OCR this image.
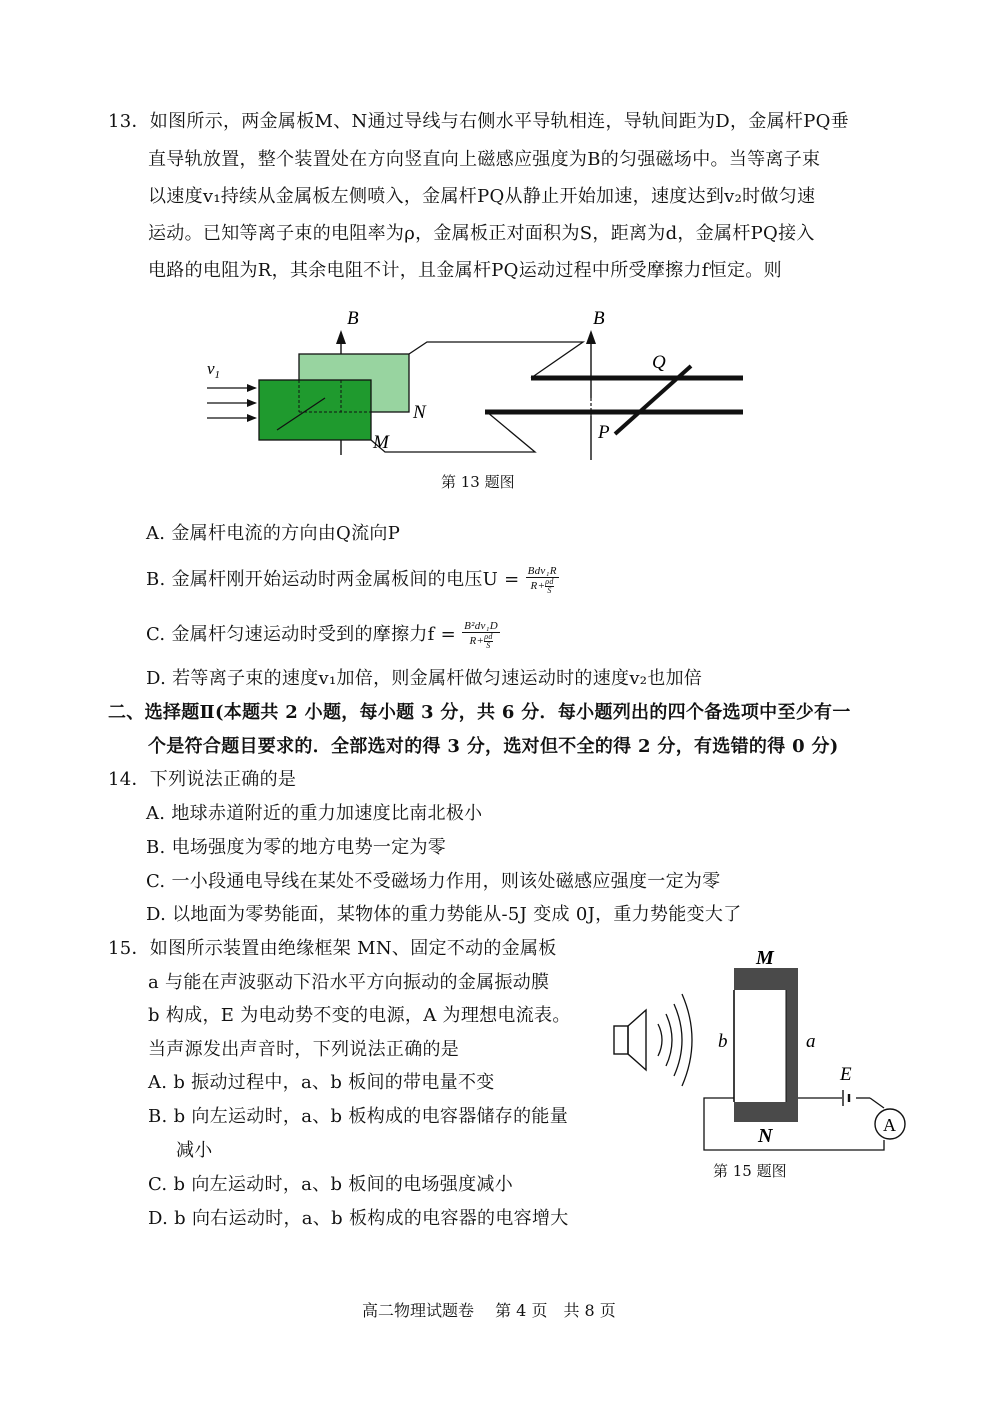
13．如图所示，两金属板M、N通过导线与右侧水平导轨相连，导轨间距为D，金属杆PQ垂
直导轨放置，整个装置处在方向竖直向上磁感应强度为B的匀强磁场中。当等离子束
以速度v₁持续从金属板左侧喷入，金属杆PQ从静止开始加速，速度达到v₂时做匀速
运动。已知等离子束的电阻率为ρ，金属板正对面积为S，距离为d，金属杆PQ接入
电路的电阻为R，其余电阻不计，且金属杆PQ运动过程中所受摩擦力f恒定。则
B
$v_1$
B
Q
P
N
M
第 13 题图
A. 金属杆电流的方向由Q流向P
B. 金属杆刚开始运动时两金属板间的电压$U = \frac{\text{Bdv₁R}}{R+ \frac{\rho d}{S}}$
C. 金属杆匀速运动时受到的摩擦力$f = \frac{\text{B²dv₁D}}{R+ \frac{\rho d}{S}}$
D. 若等离子束的速度v₁加倍，则金属杆做匀速运动时的速度v₂也加倍
二、选择题Ⅱ(本题共 2 小题，每小题 3 分，共 6 分．每小题列出的四个备选项中至少有一
个是符合题目要求的．全部选对的得 3 分，选对但不全的得 2 分，有选错的得 0 分)
14．下列说法正确的是
A. 地球赤道附近的重力加速度比南北极小
B. 电场强度为零的地方电势一定为零
C. 一小段通电导线在某处不受磁场力作用，则该处磁感应强度一定为零
D. 以地面为零势能面，某物体的重力势能从-5J 变成 0J，重力势能变大了
15．如图所示装置由绝缘框架 MN、固定不动的金属板
a 与能在声波驱动下沿水平方向振动的金属振动膜
b 构成，E 为电动势不变的电源，A 为理想电流表。
当声源发出声音时，下列说法正确的是
A. b 振动过程中，a、b 板间的带电量不变
B. b 向左运动时，a、b 板构成的电容器储存的能量
减小
C. b 向左运动时，a、b 板间的电场强度减小
D. b 向右运动时，a、b 板构成的电容器的电容增大
M
N
b	a
E
A
第 15 题图
高二物理试题卷　 第 4 页　共 8 页
